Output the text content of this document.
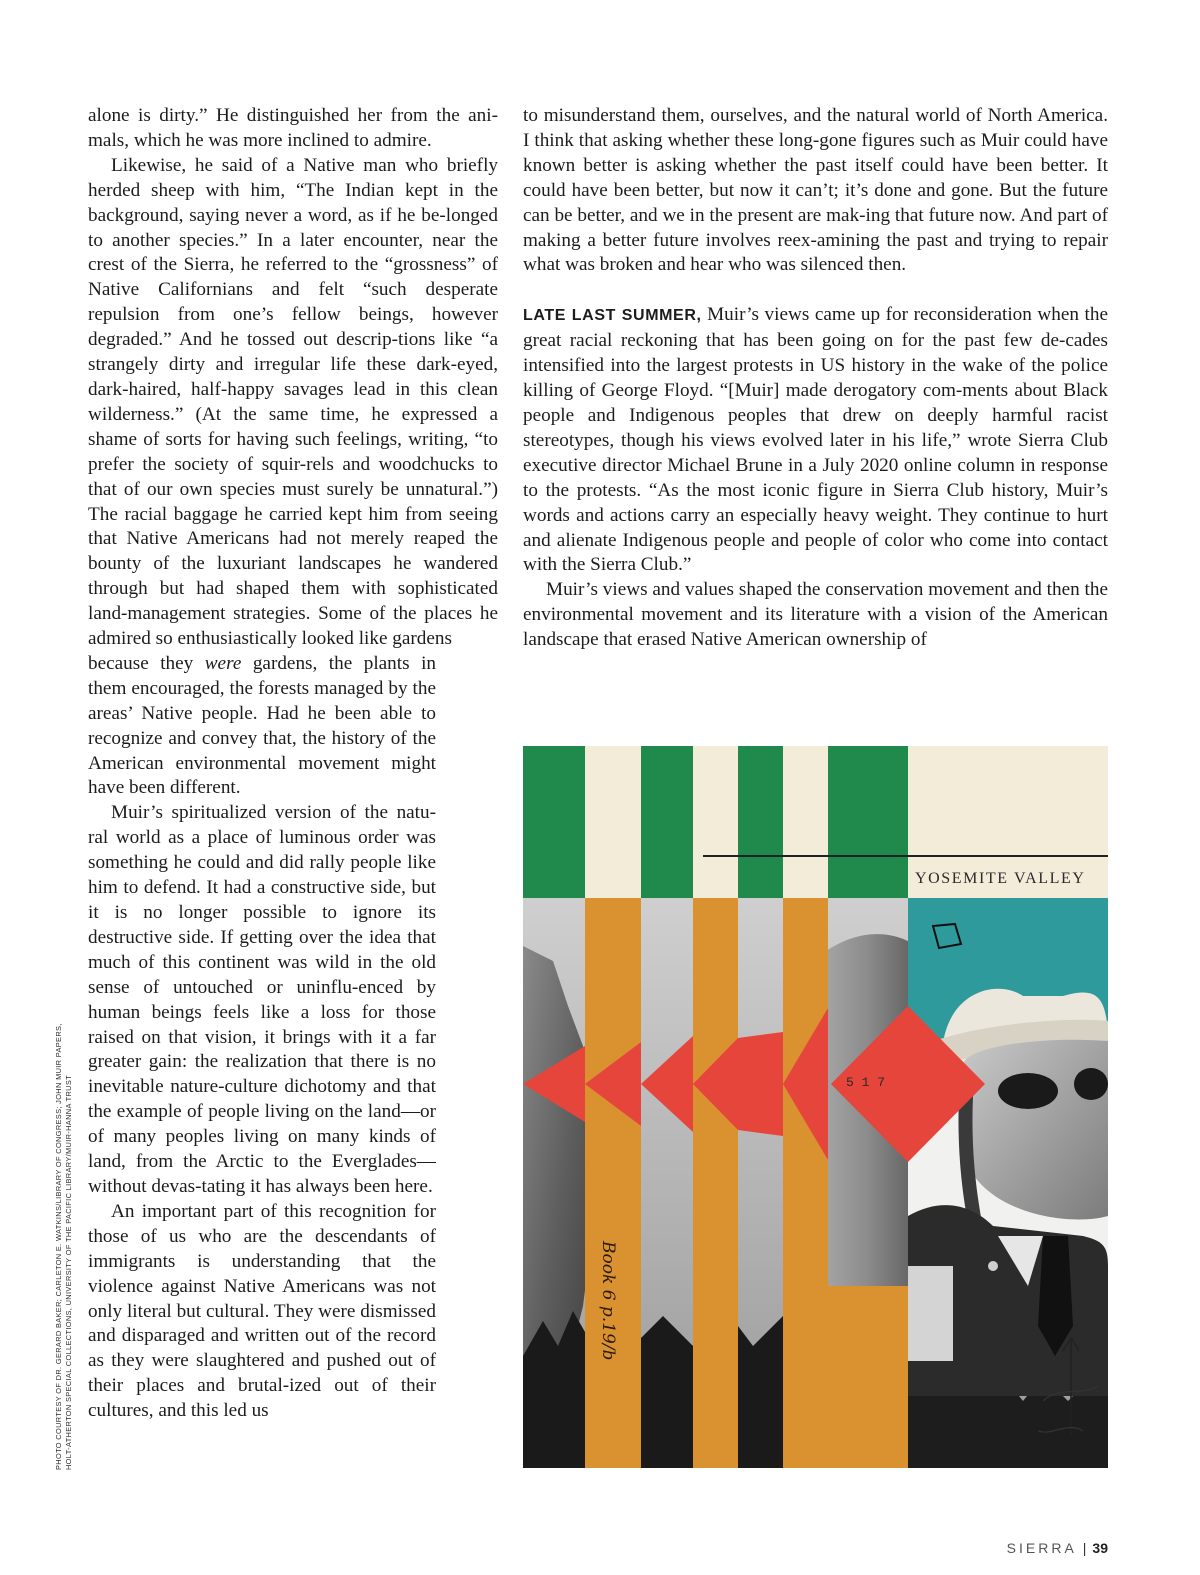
alone is dirty.” He distinguished her from the ani-mals, which he was more inclined to admire.

Likewise, he said of a Native man who briefly herded sheep with him, “The Indian kept in the background, saying never a word, as if he be-longed to another species.” In a later encounter, near the crest of the Sierra, he referred to the “grossness” of Native Californians and felt “such desperate repulsion from one’s fellow beings, however degraded.” And he tossed out descrip-tions like “a strangely dirty and irregular life these dark-eyed, dark-haired, half-happy savages lead in this clean wilderness.” (At the same time, he expressed a shame of sorts for having such feelings, writing, “to prefer the society of squir-rels and woodchucks to that of our own species must surely be unnatural.”) The racial baggage he carried kept him from seeing that Native Americans had not merely reaped the bounty of the luxuriant landscapes he wandered through but had shaped them with sophisticated land-management strategies. Some of the places he admired so enthusiastically looked like gardens

because they were gardens, the plants in them encouraged, the forests managed by the areas’ Native people. Had he been able to recognize and convey that, the history of the American environmental movement might have been different.

Muir’s spiritualized version of the natu-ral world as a place of luminous order was something he could and did rally people like him to defend. It had a constructive side, but it is no longer possible to ignore its destructive side. If getting over the idea that much of this continent was wild in the old sense of untouched or uninflu-enced by human beings feels like a loss for those raised on that vision, it brings with it a far greater gain: the realization that there is no inevitable nature-culture dichotomy and that the example of people living on the land—or of many peoples living on many kinds of land, from the Arctic to the Everglades—without devas-tating it has always been here.

An important part of this recognition for those of us who are the descendants of immigrants is understanding that the violence against Native Americans was not only literal but cultural. They were dismissed and disparaged and written out of the record as they were slaughtered and pushed out of their places and brutal-ized out of their cultures, and this led us

to misunderstand them, ourselves, and the natural world of North America. I think that asking whether these long-gone figures such as Muir could have known better is asking whether the past itself could have been better. It could have been better, but now it can’t; it’s done and gone. But the future can be better, and we in the present are mak-ing that future now. And part of making a better future involves reex-amining the past and trying to repair what was broken and hear who was silenced then.

LATE LAST SUMMER, Muir’s views came up for reconsideration when the great racial reckoning that has been going on for the past few de-cades intensified into the largest protests in US history in the wake of the police killing of George Floyd. “[Muir] made derogatory com-ments about Black people and Indigenous peoples that drew on deeply harmful racist stereotypes, though his views evolved later in his life,” wrote Sierra Club executive director Michael Brune in a July 2020 online column in response to the protests. “As the most iconic figure in Sierra Club history, Muir’s words and actions carry an especially heavy weight. They continue to hurt and alienate Indigenous people and people of color who come into contact with the Sierra Club.”

Muir’s views and values shaped the conservation movement and then the environmental movement and its literature with a vision of the American landscape that erased Native American ownership of

PHOTO COURTESY OF DR. GERARD BAKER; CARLETON E. WATKINS/LIBRARY OF CONGRESS; JOHN MUIR PAPERS, HOLT-ATHERTON SPECIAL COLLECTIONS, UNIVERSITY OF THE PACIFIC LIBRARY/MUIR-HANNA TRUST
YOSEMITE VALLEY
5 1 7
Book 6 p.19/b
SIERRA | 39
